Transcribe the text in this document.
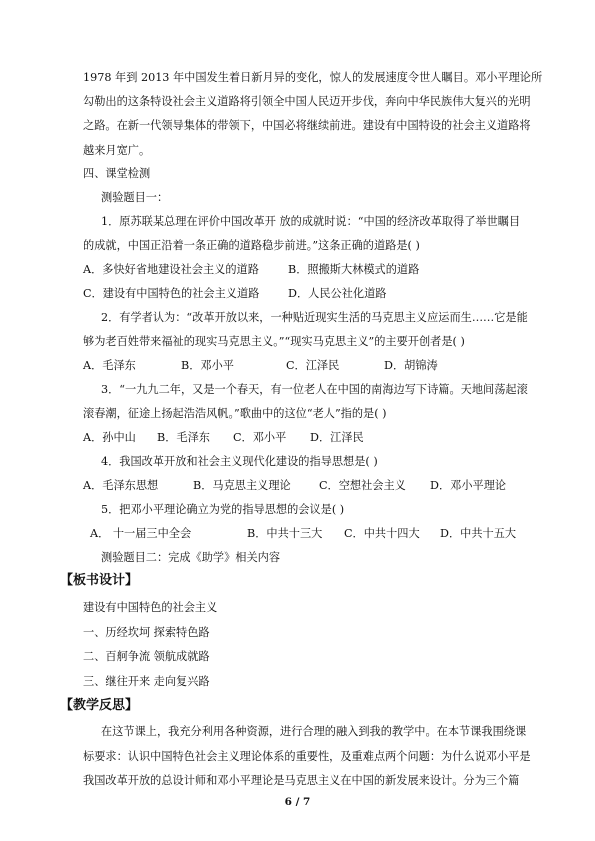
1978 年到 2013 年中国发生着日新月异的变化，惊人的发展速度令世人瞩目。邓小平理论所
勾勒出的这条特设社会主义道路将引领全中国人民迈开步伐，奔向中华民族伟大复兴的光明
之路。在新一代领导集体的带领下，中国必将继续前进。建设有中国特设的社会主义道路将
越来月宽广。
四、课堂检测
测验题目一：
1．原苏联某总理在评价中国改革开 放的成就时说：“中国的经济改革取得了举世瞩目
的成就，中国正沿着一条正确的道路稳步前进。”这条正确的道路是( )
A．多快好省地建设社会主义的道路	B．照搬斯大林模式的道路
C．建设有中国特色的社会主义道路	D．人民公社化道路
2．有学者认为：“改革开放以来，一种贴近现实生活的马克思主义应运而生……它是能
够为老百姓带来福祉的现实马克思主义。”“现实马克思主义”的主要开创者是( )
A．毛泽东	B．邓小平	C．江泽民	D．胡锦涛
3．“一九九二年，又是一个春天，有一位老人在中国的南海边写下诗篇。天地间荡起滚
滚春潮，征途上扬起浩浩风帆。”歌曲中的这位“老人”指的是( )
A．孙中山 B．毛泽东 C．邓小平 D．江泽民
4．我国改革开放和社会主义现代化建设的指导思想是( )
A．毛泽东思想	B．马克思主义理论	C．空想社会主义 D．邓小平理论
5．把邓小平理论确立为党的指导思想的会议是( )
A． 十一届三中全会	B．中共十三大 C．中共十四大 D．中共十五大
测验题目二：完成《助学》相关内容
【板书设计】
建设有中国特色的社会主义
一、历经坎坷 探索特色路
二、百舸争流 领航成就路
三、继往开来 走向复兴路
【教学反思】
在这节课上，我充分利用各种资源，进行合理的融入到我的教学中。在本节课我围绕课
标要求：认识中国特色社会主义理论体系的重要性，及重难点两个问题：为什么说邓小平是
我国改革开放的总设计师和邓小平理论是马克思主义在中国的新发展来设计。分为三个篇
6 / 7
